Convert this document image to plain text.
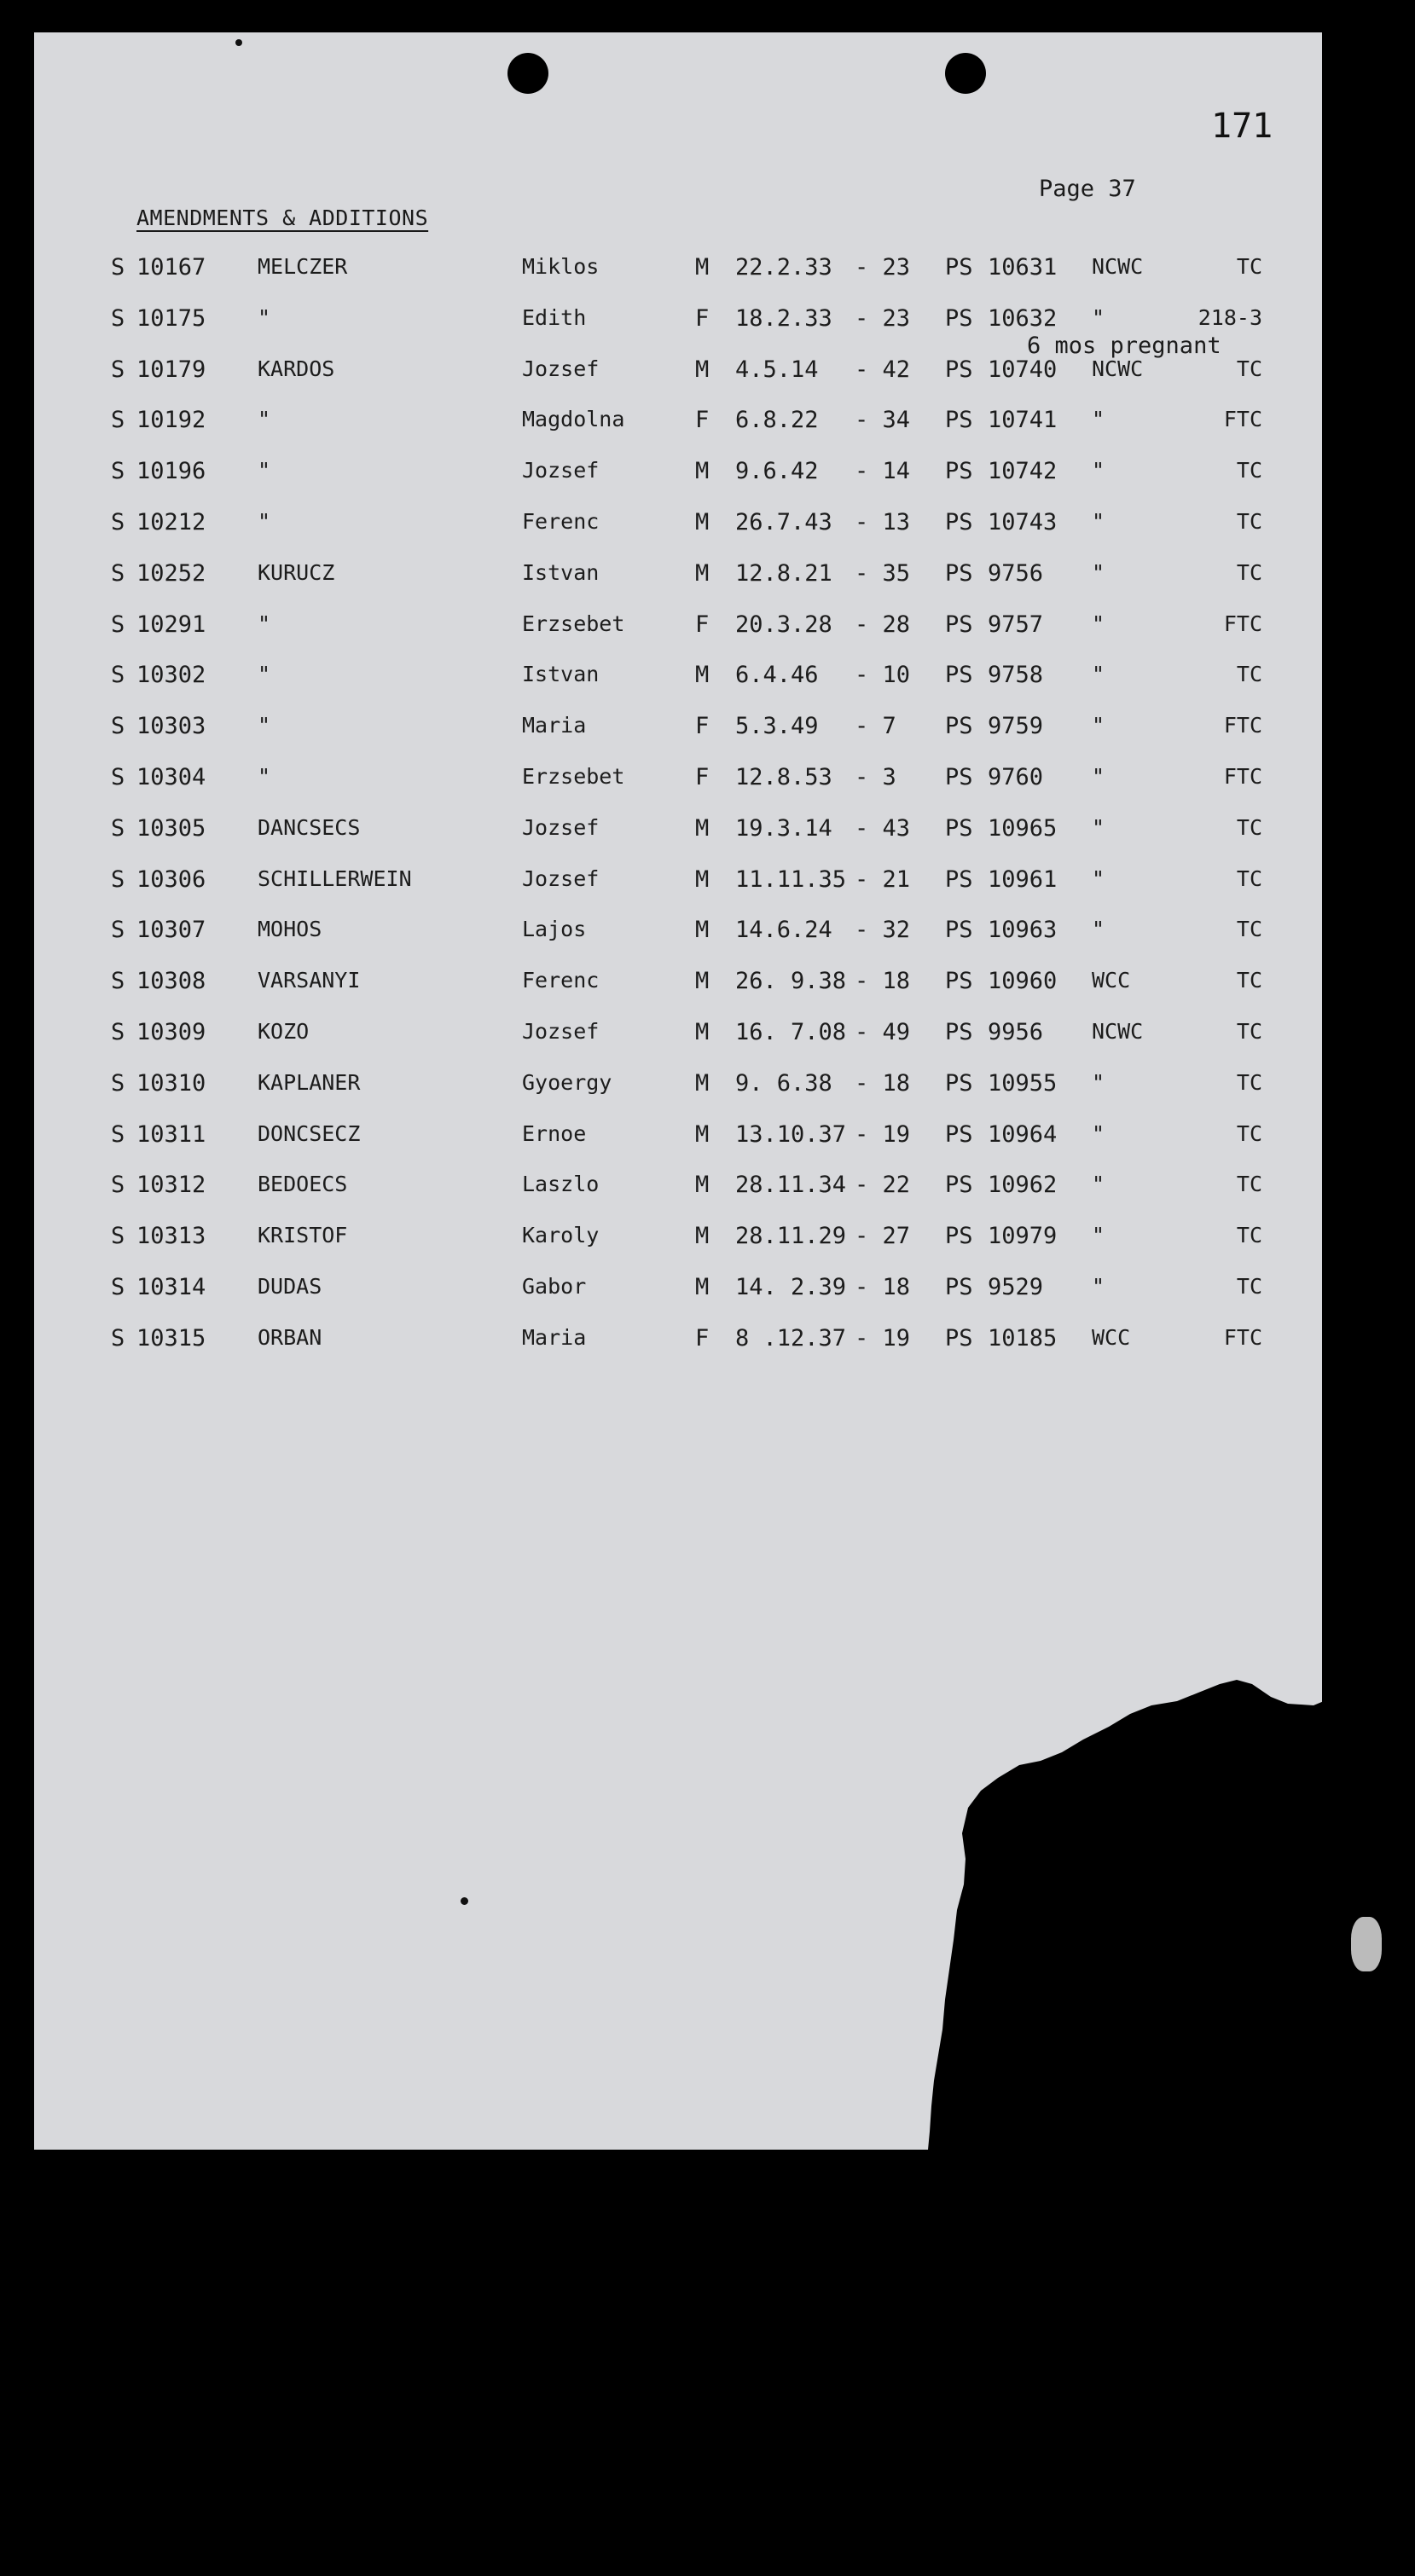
171
Page 37
AMENDMENTS & ADDITIONS
S 10167 MELCZER	Miklos	M 22.2.33 - 23 PS 10631 NCWC	TC
S 10175 "	Edith	F 18.2.33 - 23 PS 10632 "	218-3
S 10179 KARDOS	Jozsef	M 4.5.14 - 42 PS 10740 NCWC	TC
S 10192 "	Magdolna	F 6.8.22 - 34 PS 10741 "	FTC
S 10196 "	Jozsef	M 9.6.42 - 14 PS 10742 "	TC
S 10212 "	Ferenc	M 26.7.43 - 13 PS 10743 "	TC
S 10252 KURUCZ	Istvan	M 12.8.21 - 35 PS 9756 "	TC
S 10291 "	Erzsebet	F 20.3.28 - 28 PS 9757 "	FTC
S 10302 "	Istvan	M 6.4.46 - 10 PS 9758 "	TC
S 10303 "	Maria	F 5.3.49 - 7 PS 9759 "	FTC
S 10304 "	Erzsebet	F 12.8.53 - 3 PS 9760 "	FTC
S 10305 DANCSECS	Jozsef	M 19.3.14 - 43 PS 10965 "	TC
S 10306 SCHILLERWEIN	Jozsef	M 11.11.35 - 21 PS 10961 "	TC
S 10307 MOHOS	Lajos	M 14.6.24 - 32 PS 10963 "	TC
S 10308 VARSANYI	Ferenc	M 26. 9.38 - 18 PS 10960 WCC	TC
S 10309 KOZO	Jozsef	M 16. 7.08 - 49 PS 9956 NCWC	TC
S 10310 KAPLANER	Gyoergy	M 9. 6.38 - 18 PS 10955 "	TC
S 10311 DONCSECZ	Ernoe	M 13.10.37 - 19 PS 10964 "	TC
S 10312 BEDOECS	Laszlo	M 28.11.34 - 22 PS 10962 "	TC
S 10313 KRISTOF	Karoly	M 28.11.29 - 27 PS 10979 "	TC
S 10314 DUDAS	Gabor	M 14. 2.39 - 18 PS 9529 "	TC
S 10315 ORBAN	Maria	F 8 .12.37 - 19 PS 10185 WCC	FTC
6 mos pregnant
